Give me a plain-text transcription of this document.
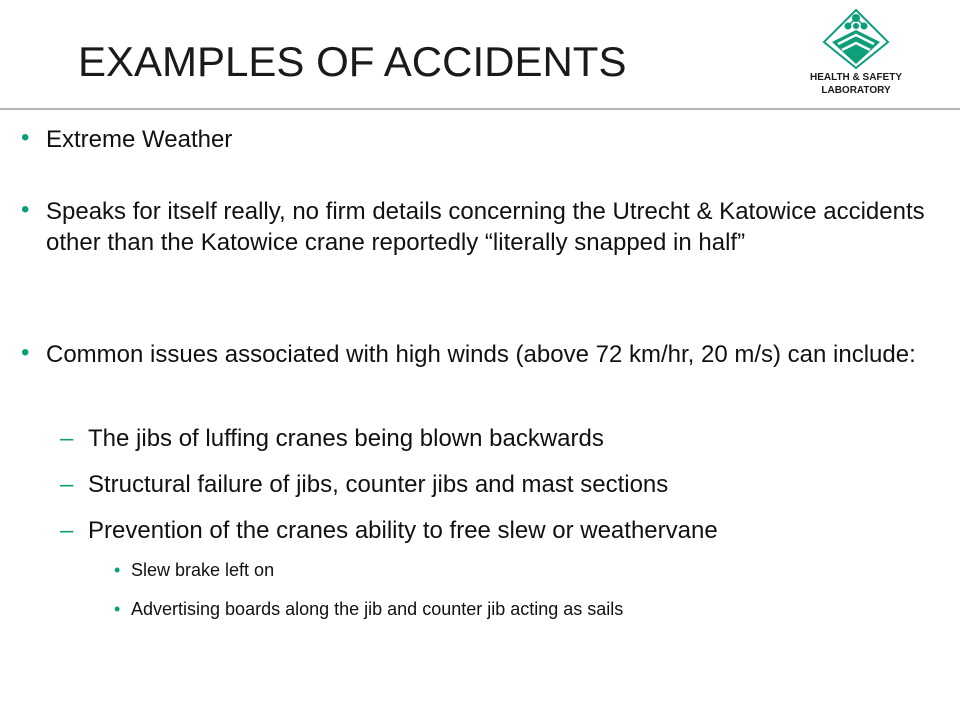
EXAMPLES OF ACCIDENTS	HEALTH & SAFETY
LABORATORY
• Extreme Weather
• Speaks for itself really, no firm details concerning the Utrecht & Katowice accidents other than the Katowice crane reportedly “literally snapped in half”
• Common issues associated with high winds (above 72 km/hr, 20 m/s) can include:
– The jibs of luffing cranes being blown backwards
– Structural failure of jibs, counter jibs and mast sections
– Prevention of the cranes ability to free slew or weathervane
• Slew brake left on
• Advertising boards along the jib and counter jib acting as sails
